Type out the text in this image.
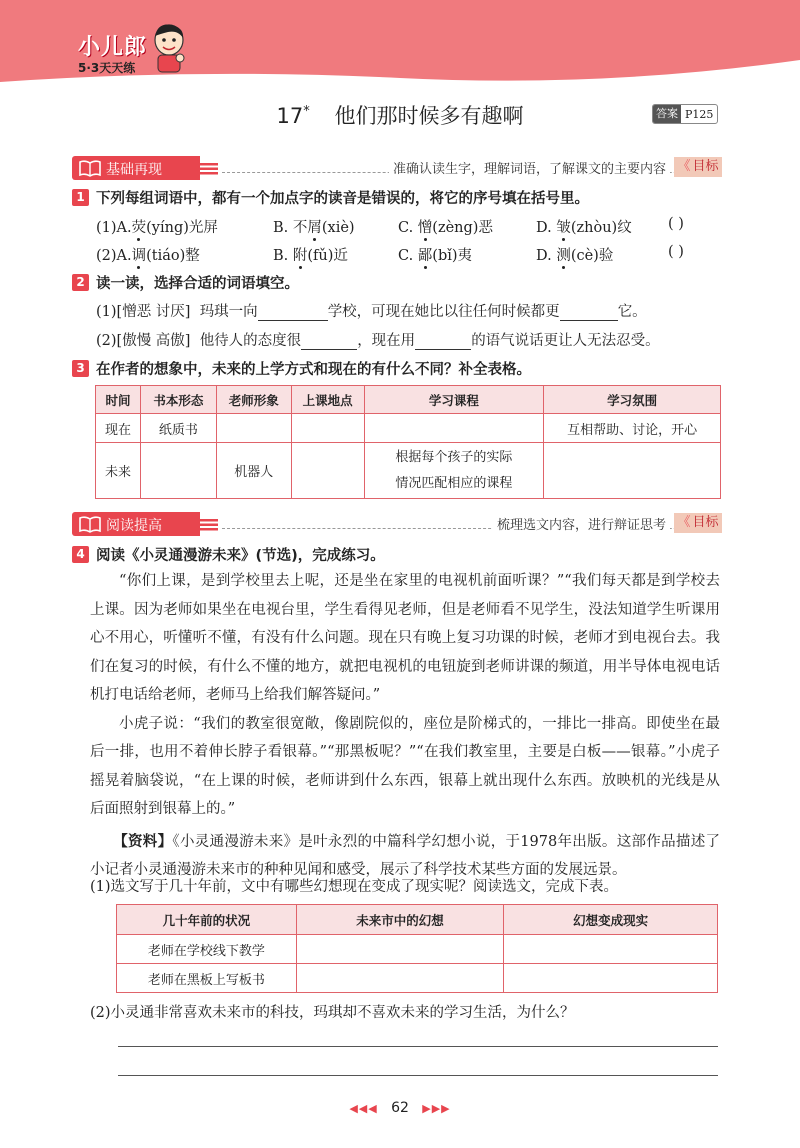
小儿郎
5·3天天练
17* 他们那时候多有趣啊	答案 P125
基础再现	准确认读生字，理解词语，了解课文的主要内容 《 目标
1 下列每组词语中，都有一个加点字的读音是错误的，将它的序号填在括号里。
(1)A.荧(yíng)光屏	B. 不屑(xiè)	C. 憎(zèng)恶	D. 皱(zhòu)纹	( )
(2)A.调(tiáo)整	B. 附(fǔ)近	C. 鄙(bǐ)夷	D. 测(cè)验	( )
2 读一读，选择合适的词语填空。
(1)[憎恶 讨厌] 玛琪一向	学校，可现在她比以往任何时候都更	它。
(2)[傲慢 高傲] 他待人的态度很	，现在用	的语气说话更让人无法忍受。
3 在作者的想象中，未来的上学方式和现在的有什么不同？补全表格。
时间	书本形态	老师形象	上课地点	学习课程	学习氛围
现在	纸质书				互相帮助、讨论，开心
未来		机器人		根据每个孩子的实际
情况匹配相应的课程	
阅读提高	梳理选文内容，进行辩证思考 《 目标
4 阅读《小灵通漫游未来》(节选)，完成练习。

“你们上课，是到学校里去上呢，还是坐在家里的电视机前面听课？”“我们每天都是到学校去上课。因为老师如果坐在电视台里，学生看得见老师，但是老师看不见学生，没法知道学生听课用心不用心，听懂听不懂，有没有什么问题。现在只有晚上复习功课的时候，老师才到电视台去。我们在复习的时候，有什么不懂的地方，就把电视机的电钮旋到老师讲课的频道，用半导体电视电话机打电话给老师，老师马上给我们解答疑问。”

小虎子说：“我们的教室很宽敞，像剧院似的，座位是阶梯式的，一排比一排高。即使坐在最后一排，也用不着伸长脖子看银幕。”“那黑板呢？”“在我们教室里，主要是白板——银幕。”小虎子摇晃着脑袋说，“在上课的时候，老师讲到什么东西，银幕上就出现什么东西。放映机的光线是从后面照射到银幕上的。”

【资料】《小灵通漫游未来》是叶永烈的中篇科学幻想小说，于1978年出版。这部作品描述了小记者小灵通漫游未来市的种种见闻和感受，展示了科学技术某些方面的发展远景。

(1)选文写于几十年前，文中有哪些幻想现在变成了现实呢？阅读选文，完成下表。
几十年前的状况	未来市中的幻想	幻想变成现实
老师在学校线下教学		
老师在黑板上写板书		
(2)小灵通非常喜欢未来市的科技，玛琪却不喜欢未来的学习生活，为什么？
◀◀◀ 62 ▶▶▶
